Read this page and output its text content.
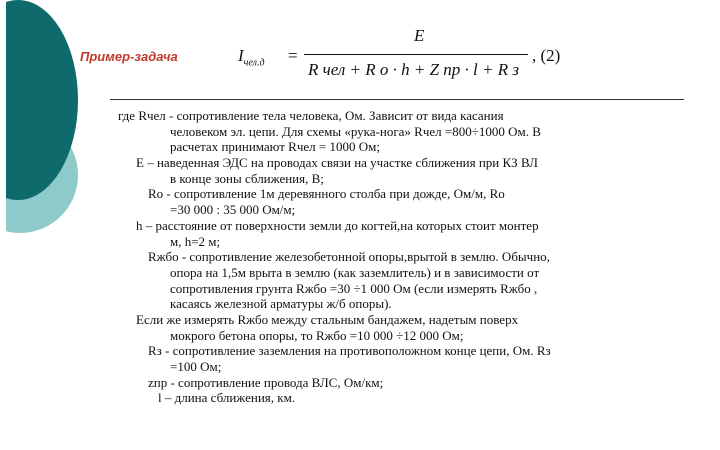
Пример-задача	$I_{чел.д}$ =
E
R чел + R о · h + Z пр · l + R з
, (2)
где Rчел - сопротивление тела человека, Ом. Зависит от вида касания
человеком эл. цепи. Для схемы «рука-нога» Rчел =800÷1000 Ом. В
расчетах принимают Rчел = 1000 Ом;
Е – наведенная ЭДС на проводах связи на участке сближения при КЗ ВЛ
в конце зоны сближения, В;
Rо - сопротивление 1м деревянного столба при дожде, Ом/м, Rо
=30 000 : 35 000 Ом/м;
h – расстояние от поверхности земли до когтей,на которых стоит монтер
м, h=2 м;
Rжбо - сопротивление железобетонной опоры,врытой в землю. Обычно,
опора на 1,5м врыта в землю (как заземлитель) и в зависимости от
сопротивления грунта Rжбо =30 ÷1 000 Ом (если измерять Rжбо ,
касаясь железной арматуры ж/б опоры).
Если же измерять Rжбо между стальным бандажем, надетым поверх
мокрого бетона опоры, то Rжбо =10 000 ÷12 000 Ом;
Rз - сопротивление заземления на противоположном конце цепи, Ом. Rз
=100 Ом;
zпр - сопротивление провода ВЛС, Ом/км;
l – длина сближения, км.
